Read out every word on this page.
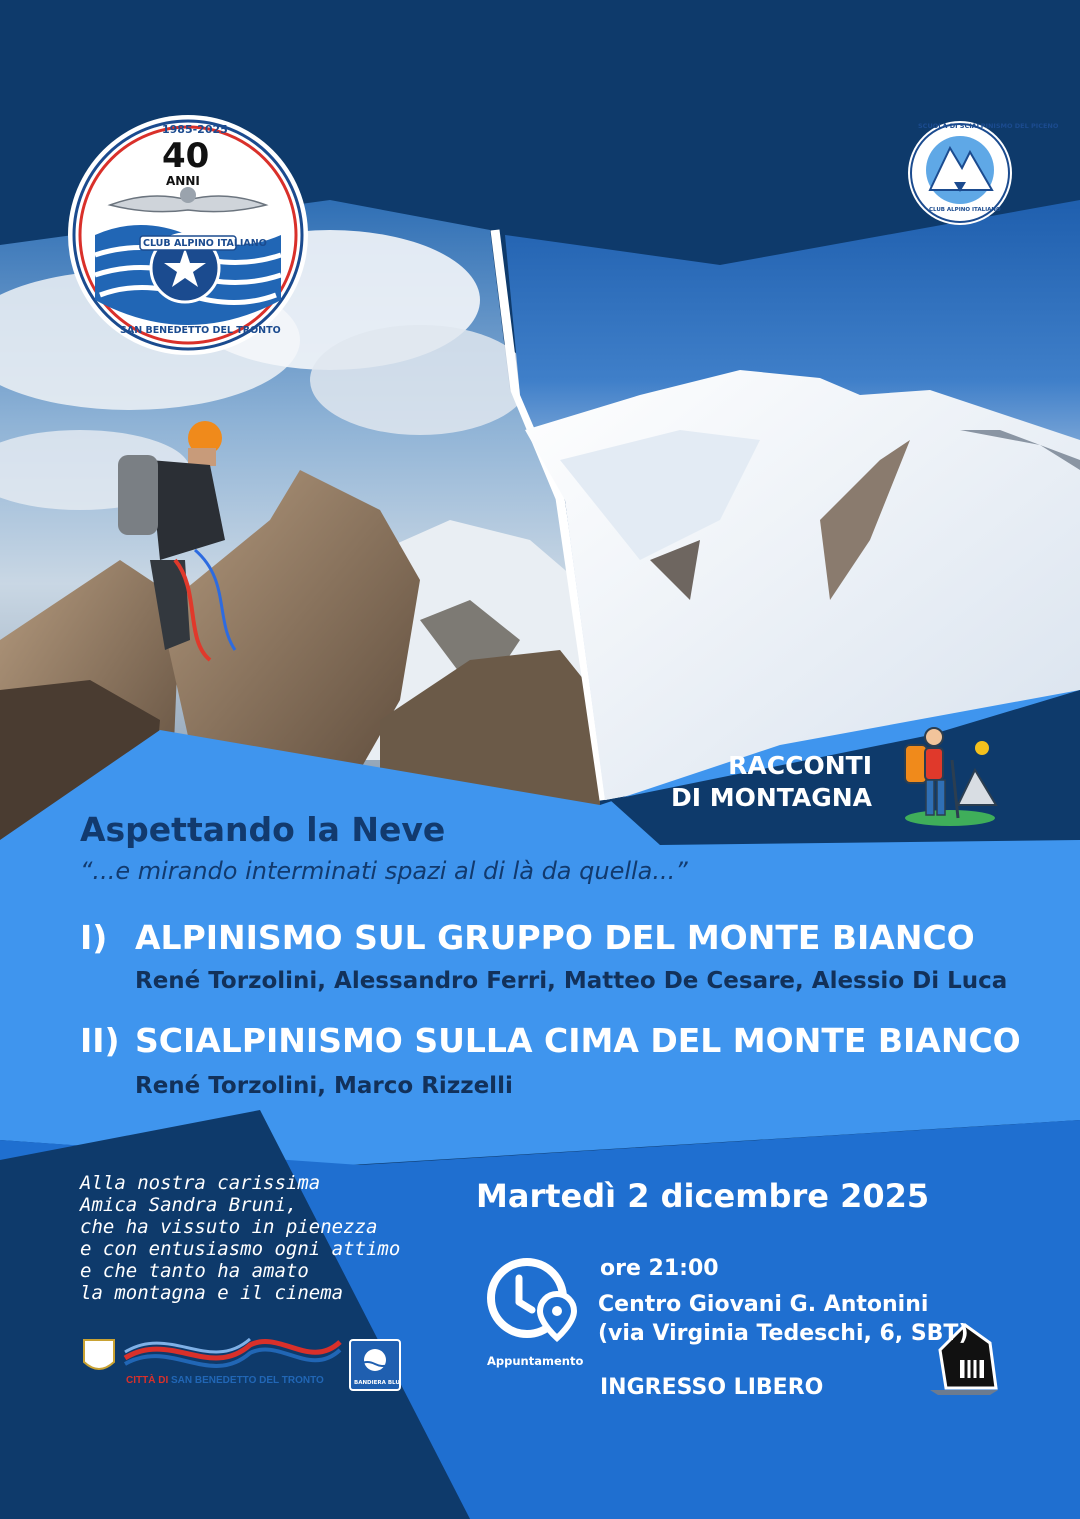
1985-2025
40
ANNI
CLUB ALPINO ITALIANO
SAN BENEDETTO DEL TRONTO
SCUOLA DI SCIALPINISMO DEL PICENO
CLUB ALPINO ITALIANO
RACCONTI
DI MONTAGNA
Aspettando la Neve
“...e mirando interminati spazi al di là da quella...”
I) ALPINISMO SUL GRUPPO DEL MONTE BIANCO
René Torzolini, Alessandro Ferri, Matteo De Cesare, Alessio Di Luca
II) SCIALPINISMO SULLA CIMA DEL MONTE BIANCO
René Torzolini, Marco Rizzelli
Alla nostra carissima
Amica Sandra Bruni,
che ha vissuto in pienezza
e con entusiasmo ogni attimo
e che tanto ha amato
la montagna e il cinema
Martedì 2 dicembre 2025
ore 21:00
Centro Giovani G. Antonini
(via Virginia Tedeschi, 6, SBT)
INGRESSO LIBERO
Appuntamento
CITTÀ DI SAN BENEDETTO DEL TRONTO	BANDIERA BLU
